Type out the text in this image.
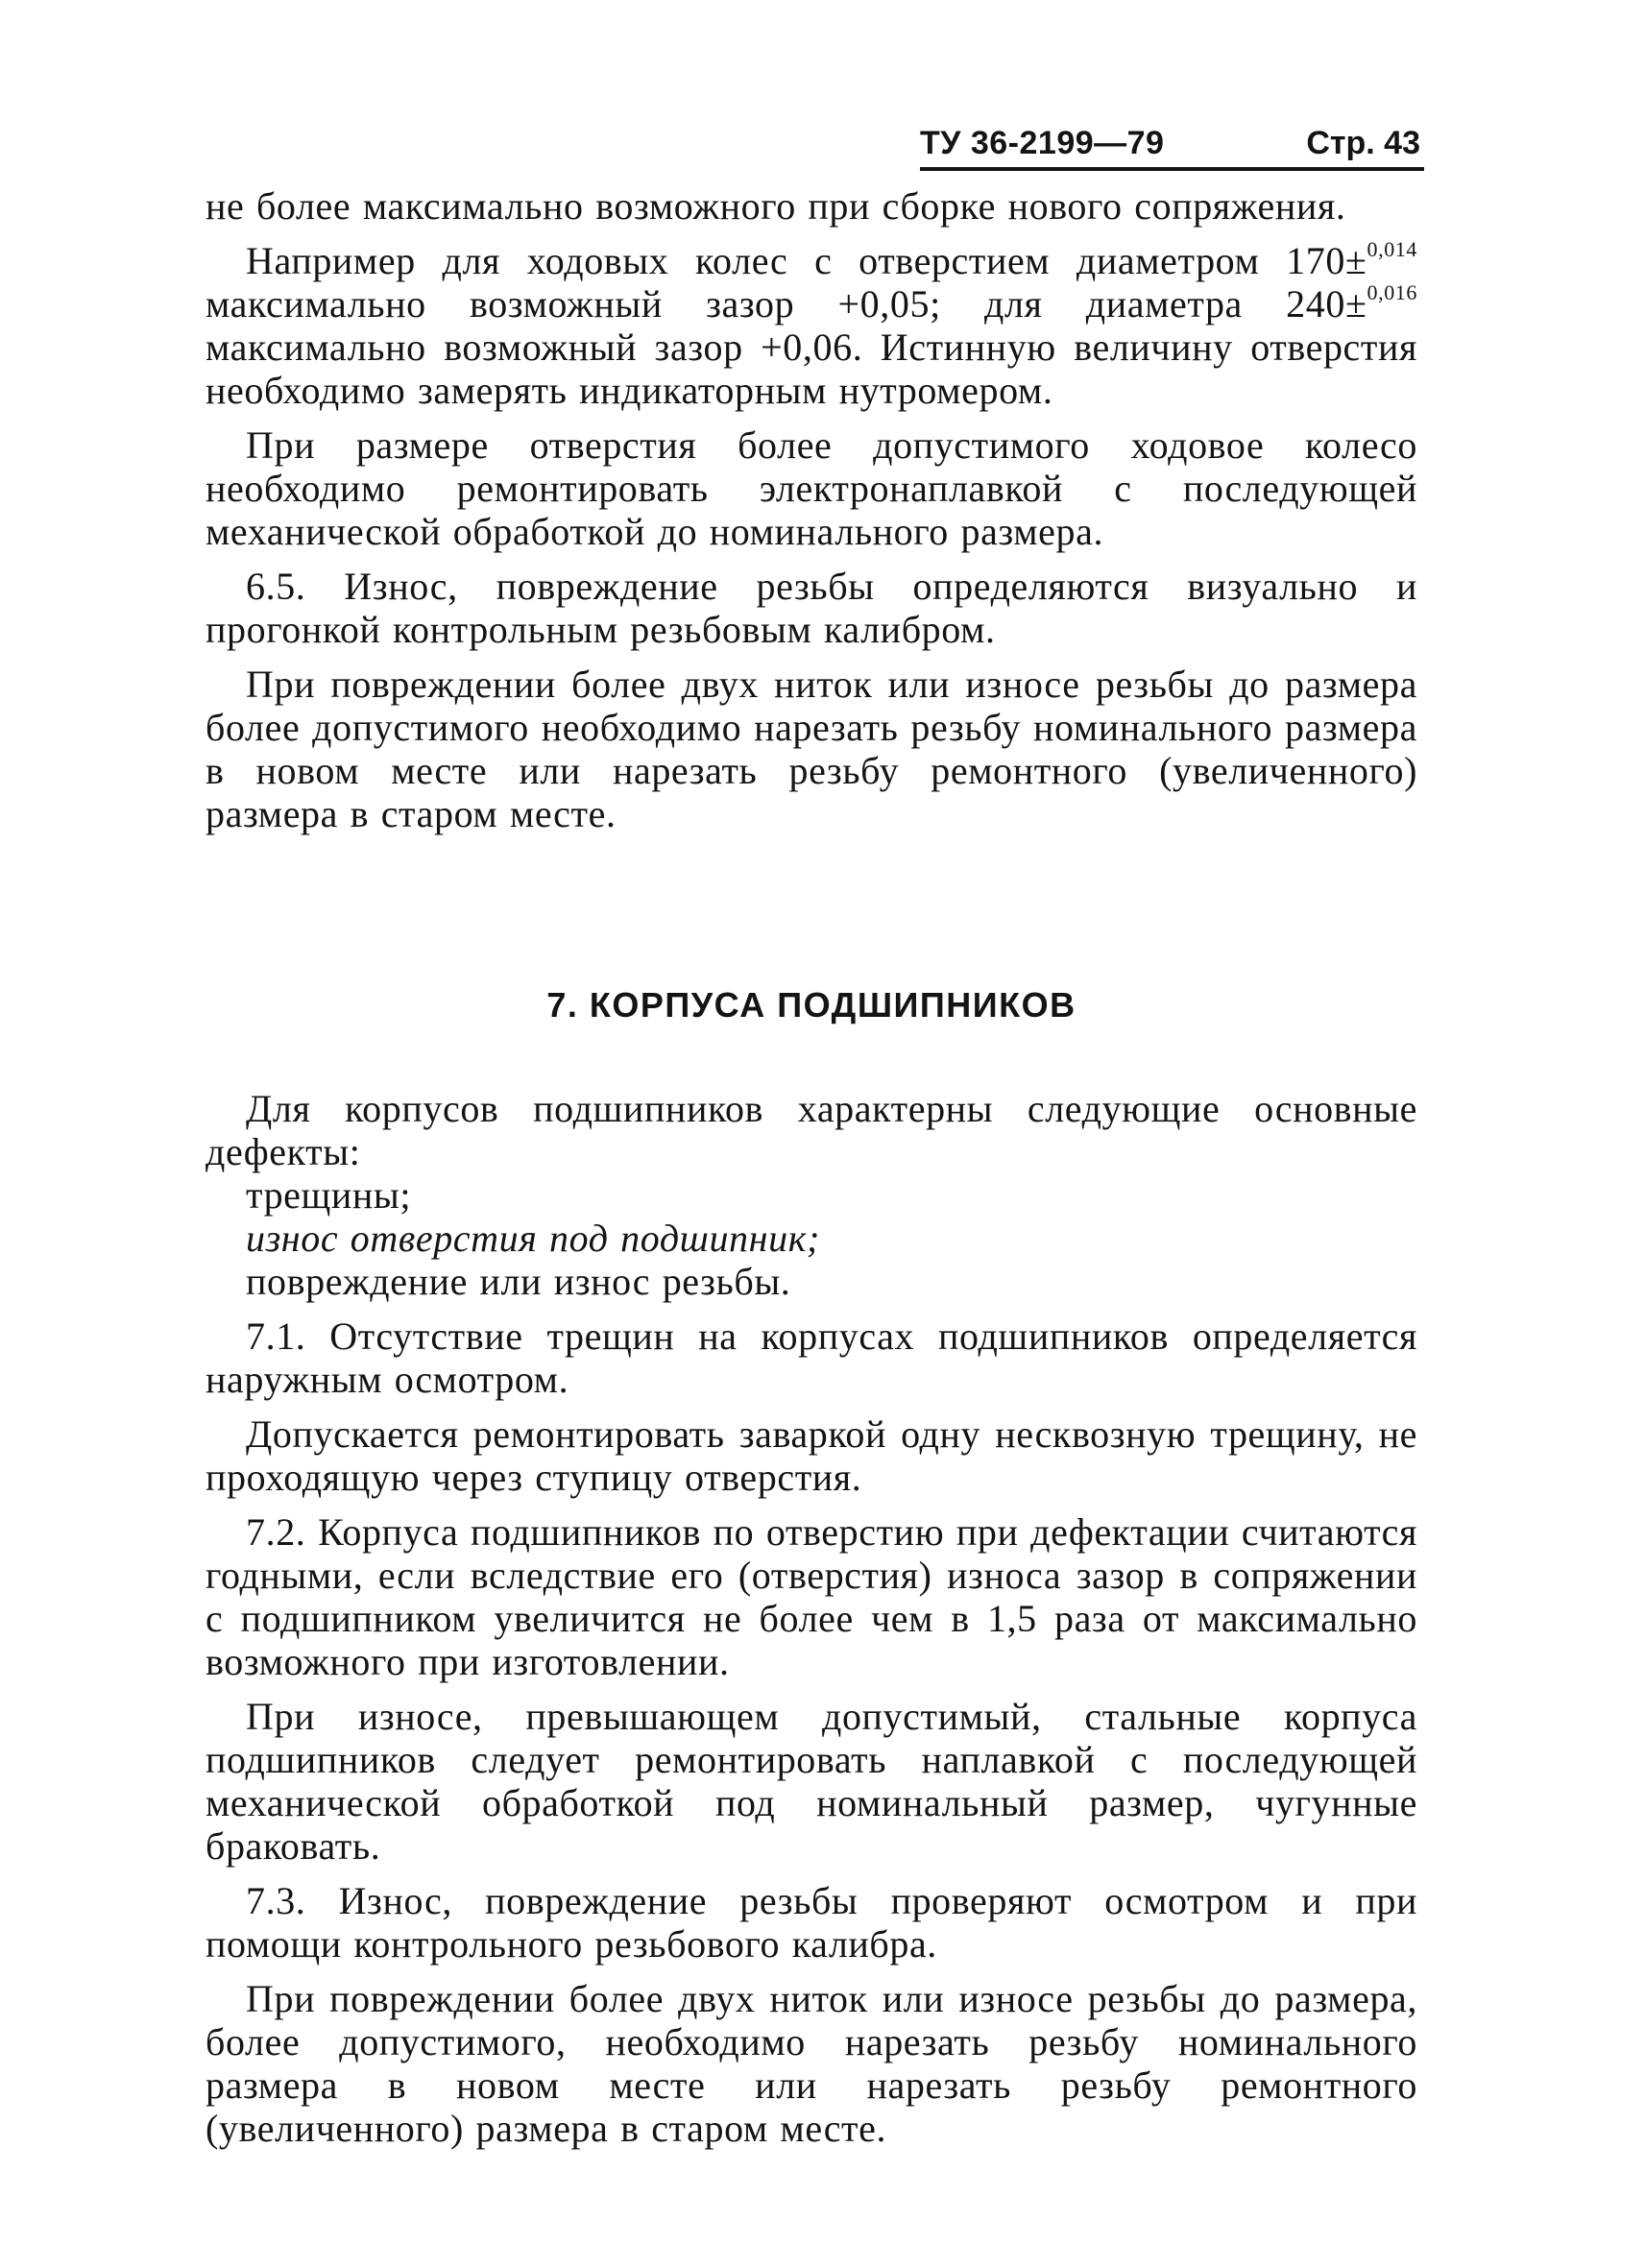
ТУ 36-2199—79	Стр. 43

не более максимально возможного при сборке нового сопряжения.

Например для ходовых колес с отверстием диаметром 170±$^{0,014}$ максимально возможный зазор +0,05; для диаметра 240±$^{0,016}$ максимально возможный зазор +0,06. Истинную величину отверстия необходимо замерять индикаторным нутромером.

При размере отверстия более допустимого ходовое колесо необходимо ремонтировать электронаплавкой с последующей механической обработкой до номинального размера.

6.5. Износ, повреждение резьбы определяются визуально и прогонкой контрольным резьбовым калибром.

При повреждении более двух ниток или износе резьбы до размера более допустимого необходимо нарезать резьбу номинального размера в новом месте или нарезать резьбу ремонтного (увеличенного) размера в старом месте.

7. КОРПУСА ПОДШИПНИКОВ

Для корпусов подшипников характерны следующие основные дефекты:

трещины;

износ отверстия под подшипник;

повреждение или износ резьбы.

7.1. Отсутствие трещин на корпусах подшипников определяется наружным осмотром.

Допускается ремонтировать заваркой одну несквозную трещину, не проходящую через ступицу отверстия.

7.2. Корпуса подшипников по отверстию при дефектации считаются годными, если вследствие его (отверстия) износа зазор в сопряжении с подшипником увеличится не более чем в 1,5 раза от максимально возможного при изготовлении.

При износе, превышающем допустимый, стальные корпуса подшипников следует ремонтировать наплавкой с последующей механической обработкой под номинальный размер, чугунные браковать.

7.3. Износ, повреждение резьбы проверяют осмотром и при помощи контрольного резьбового калибра.

При повреждении более двух ниток или износе резьбы до размера, более допустимого, необходимо нарезать резьбу номинального размера в новом месте или нарезать резьбу ремонтного (увеличенного) размера в старом месте.
